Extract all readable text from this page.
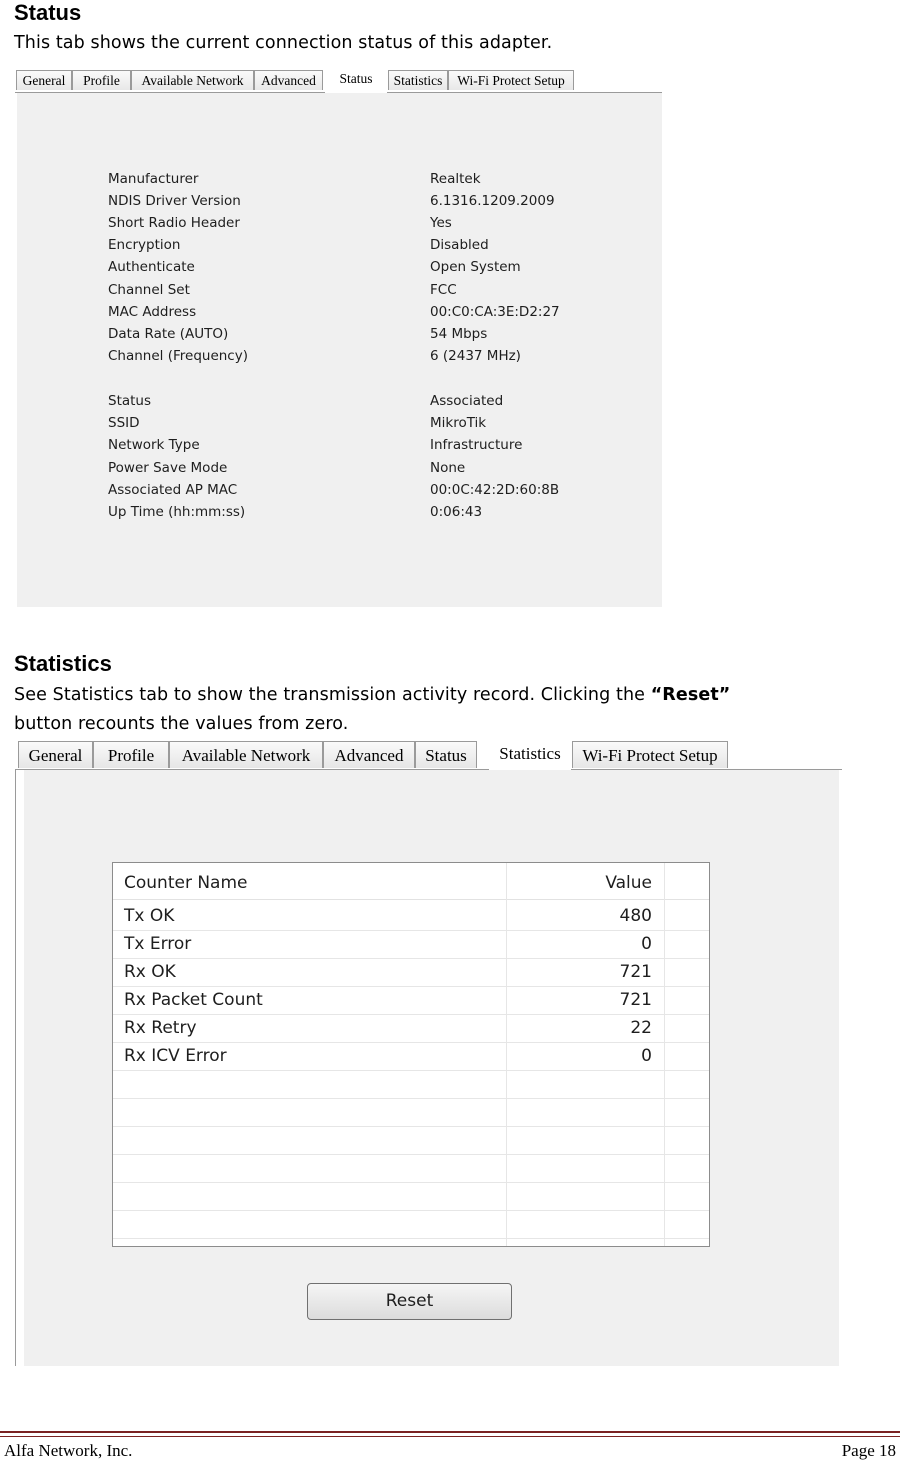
Status

This tab shows the current connection status of this adapter.

General	Profile	Available Network	Advanced	Status	Statistics	Wi-Fi Protect Setup
Manufacturer	Realtek
NDIS Driver Version	6.1316.1209.2009
Short Radio Header	Yes
Encryption	Disabled
Authenticate	Open System
Channel Set	FCC
MAC Address	00:C0:CA:3E:D2:27
Data Rate (AUTO)	54 Mbps
Channel (Frequency)	6 (2437 MHz)
Status	Associated
SSID	MikroTik
Network Type	Infrastructure
Power Save Mode	None
Associated AP MAC	00:0C:42:2D:60:8B
Up Time (hh:mm:ss)	0:06:43
Statistics

See Statistics tab to show the transmission activity record. Clicking the “Reset”
button recounts the values from zero.

General	Profile	Available Network	Advanced	Status	Statistics	Wi-Fi Protect Setup
Counter Name	Value
Tx OK	480
Tx Error	0
Rx OK	721
Rx Packet Count	721
Rx Retry	22
Rx ICV Error	0
Reset
Alfa Network, Inc.	Page 18
